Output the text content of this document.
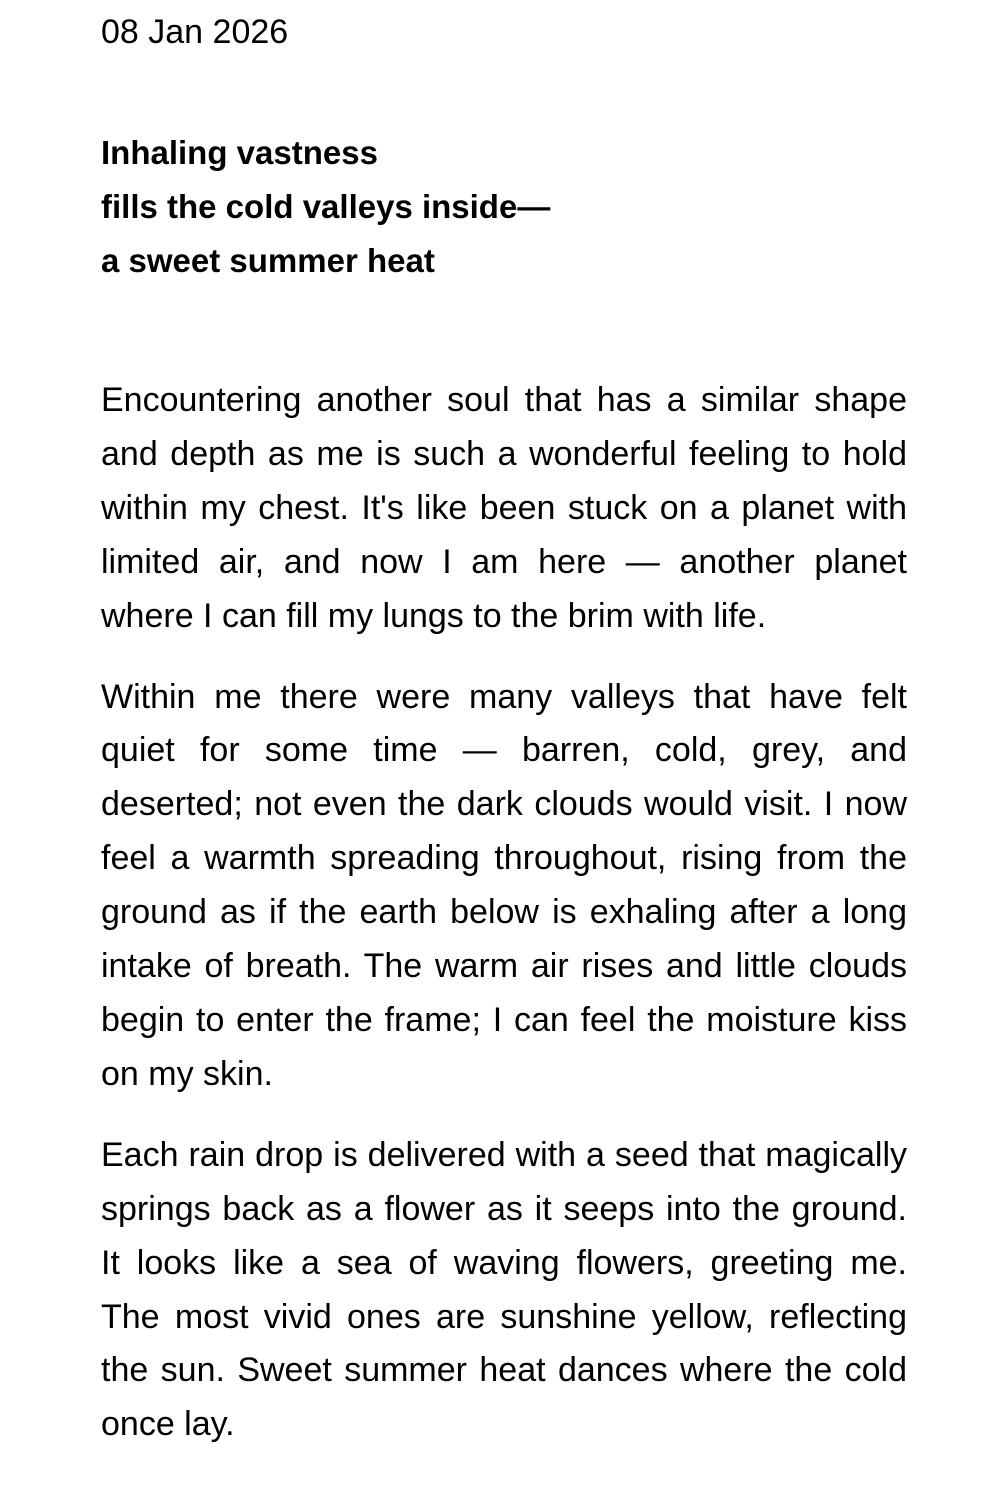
08 Jan 2026
Inhaling vastness
fills the cold valleys inside—
a sweet summer heat

Encountering another soul that has a similar shape and depth as me is such a wonderful feeling to hold within my chest. It's like been stuck on a planet with limited air, and now I am here — another planet where I can fill my lungs to the brim with life.

Within me there were many valleys that have felt quiet for some time — barren, cold, grey, and deserted; not even the dark clouds would visit. I now feel a warmth spreading throughout, rising from the ground as if the earth below is exhaling after a long intake of breath. The warm air rises and little clouds begin to enter the frame; I can feel the moisture kiss on my skin.

Each rain drop is delivered with a seed that magically springs back as a flower as it seeps into the ground. It looks like a sea of waving flowers, greeting me. The most vivid ones are sunshine yellow, reflecting the sun. Sweet summer heat dances where the cold once lay.
